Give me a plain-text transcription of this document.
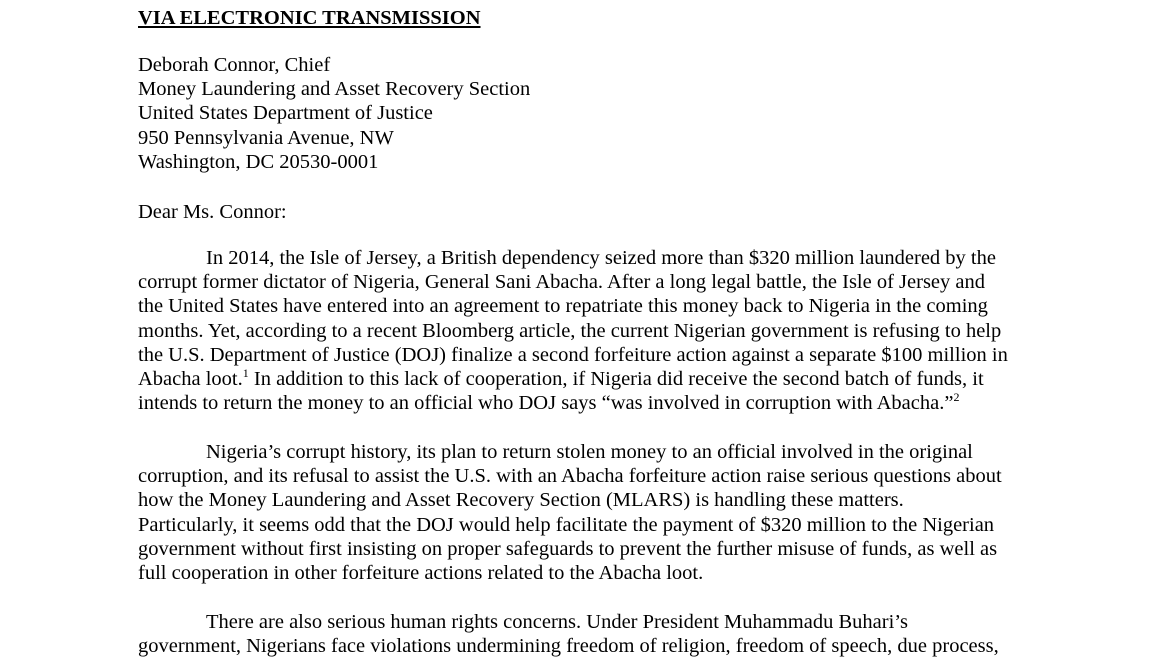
VIA ELECTRONIC TRANSMISSION
Deborah Connor, Chief
Money Laundering and Asset Recovery Section
United States Department of Justice
950 Pennsylvania Avenue, NW
Washington, DC 20530-0001
Dear Ms. Connor:
In 2014, the Isle of Jersey, a British dependency seized more than $320 million laundered by the
corrupt former dictator of Nigeria, General Sani Abacha. After a long legal battle, the Isle of Jersey and
the United States have entered into an agreement to repatriate this money back to Nigeria in the coming
months. Yet, according to a recent Bloomberg article, the current Nigerian government is refusing to help
the U.S. Department of Justice (DOJ) finalize a second forfeiture action against a separate $100 million in
Abacha loot.$^1$ In addition to this lack of cooperation, if Nigeria did receive the second batch of funds, it
intends to return the money to an official who DOJ says “was involved in corruption with Abacha.”$^2$
Nigeria’s corrupt history, its plan to return stolen money to an official involved in the original
corruption, and its refusal to assist the U.S. with an Abacha forfeiture action raise serious questions about
how the Money Laundering and Asset Recovery Section (MLARS) is handling these matters.
Particularly, it seems odd that the DOJ would help facilitate the payment of $320 million to the Nigerian
government without first insisting on proper safeguards to prevent the further misuse of funds, as well as
full cooperation in other forfeiture actions related to the Abacha loot.
There are also serious human rights concerns. Under President Muhammadu Buhari’s
government, Nigerians face violations undermining freedom of religion, freedom of speech, due process,
